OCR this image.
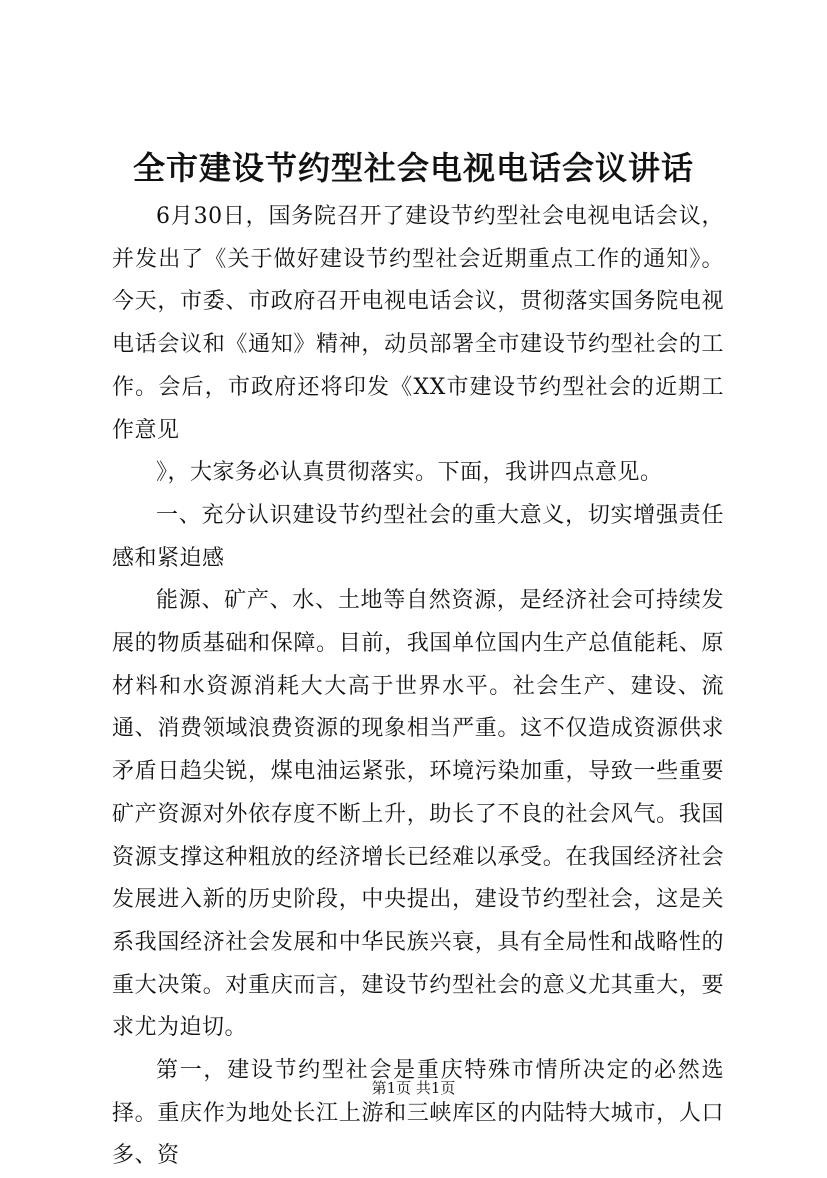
全市建设节约型社会电视电话会议讲话

6月30日，国务院召开了建设节约型社会电视电话会议，并发出了《关于做好建设节约型社会近期重点工作的通知》。今天，市委、市政府召开电视电话会议，贯彻落实国务院电视电话会议和《通知》精神，动员部署全市建设节约型社会的工作。会后，市政府还将印发《XX市建设节约型社会的近期工作意见

》，大家务必认真贯彻落实。下面，我讲四点意见。

一、充分认识建设节约型社会的重大意义，切实增强责任感和紧迫感

能源、矿产、水、土地等自然资源，是经济社会可持续发展的物质基础和保障。目前，我国单位国内生产总值能耗、原材料和水资源消耗大大高于世界水平。社会生产、建设、流通、消费领域浪费资源的现象相当严重。这不仅造成资源供求矛盾日趋尖锐，煤电油运紧张，环境污染加重，导致一些重要矿产资源对外依存度不断上升，助长了不良的社会风气。我国资源支撑这种粗放的经济增长已经难以承受。在我国经济社会发展进入新的历史阶段，中央提出，建设节约型社会，这是关系我国经济社会发展和中华民族兴衰，具有全局性和战略性的重大决策。对重庆而言，建设节约型社会的意义尤其重大，要求尤为迫切。

第一，建设节约型社会是重庆特殊市情所决定的必然选择。重庆作为地处长江上游和三峡库区的内陆特大城市，人口多、资

第1页 共1页
